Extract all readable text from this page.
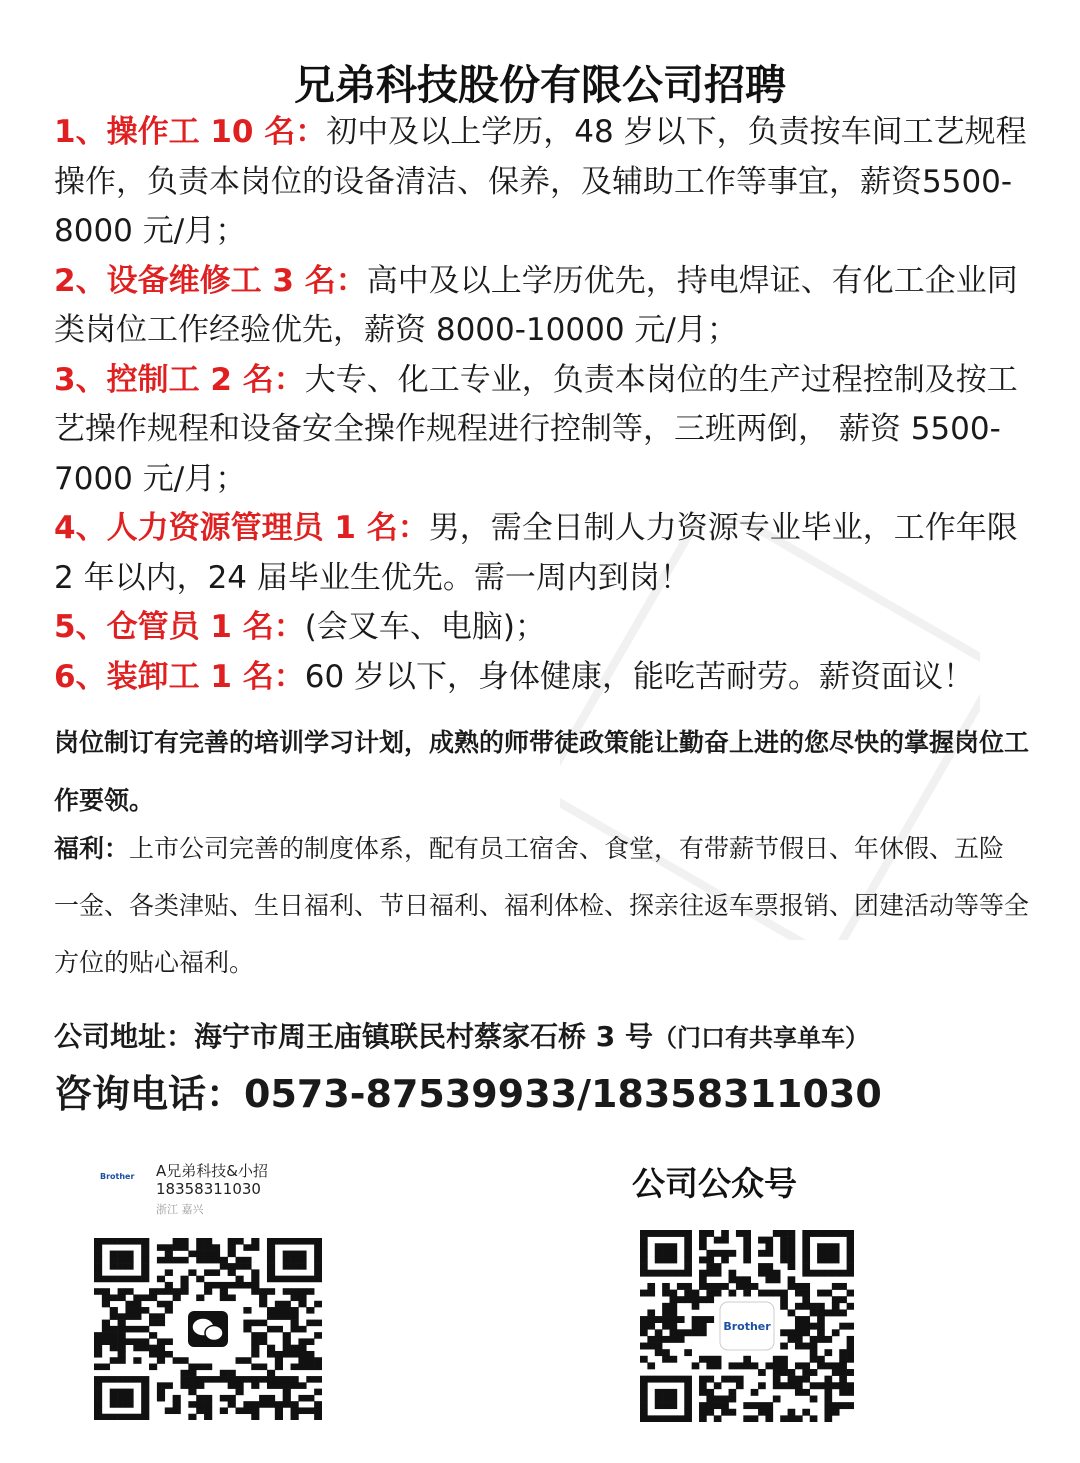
兄弟科技股份有限公司招聘

1、操作工 10 名：初中及以上学历，48 岁以下，负责按车间工艺规程操作，负责本岗位的设备清洁、保养，及辅助工作等事宜，薪资5500-8000 元/月；

2、设备维修工 3 名：高中及以上学历优先，持电焊证、有化工企业同类岗位工作经验优先，薪资 8000-10000 元/月；

3、控制工 2 名：大专、化工专业，负责本岗位的生产过程控制及按工艺操作规程和设备安全操作规程进行控制等，三班两倒， 薪资 5500-7000 元/月；

4、人力资源管理员 1 名：男，需全日制人力资源专业毕业，工作年限 2 年以内，24 届毕业生优先。需一周内到岗！

5、仓管员 1 名：(会叉车、电脑)；

6、装卸工 1 名：60 岁以下，身体健康，能吃苦耐劳。薪资面议！

岗位制订有完善的培训学习计划，成熟的师带徒政策能让勤奋上进的您尽快的掌握岗位工作要领。
福利：上市公司完善的制度体系，配有员工宿舍、食堂，有带薪节假日、年休假、五险一金、各类津贴、生日福利、节日福利、福利体检、探亲往返车票报销、团建活动等等全方位的贴心福利。
公司地址：海宁市周王庙镇联民村蔡家石桥 3 号（门口有共享单车）
咨询电话：0573-87539933/18358311030
Brother	A兄弟科技&小招
18358311030
浙江 嘉兴
公司公众号
Brother
